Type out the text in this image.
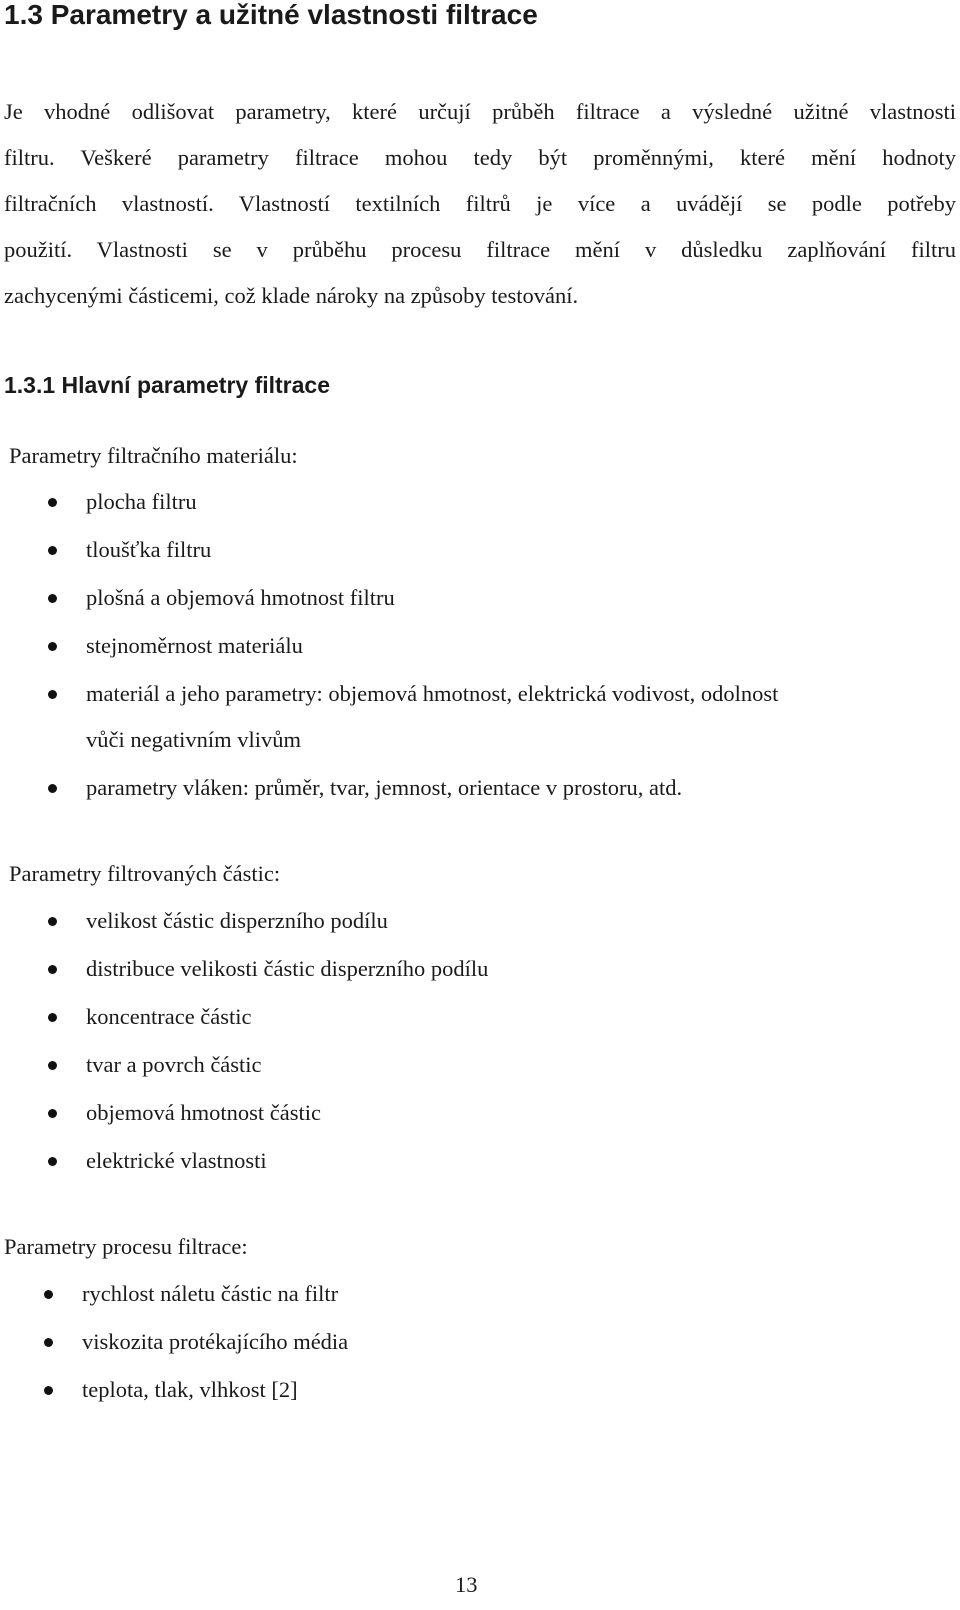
1.3 Parametry a užitné vlastnosti filtrace

Je vhodné odlišovat parametry, které určují průběh filtrace a výsledné užitné vlastnosti
filtru. Veškeré parametry filtrace mohou tedy být proměnnými, které mění hodnoty
filtračních vlastností. Vlastností textilních filtrů je více a uvádějí se podle potřeby
použití. Vlastnosti se v průběhu procesu filtrace mění v důsledku zaplňování filtru
zachycenými částicemi, což klade nároky na způsoby testování.

1.3.1 Hlavní parametry filtrace

Parametry filtračního materiálu:

plocha filtru
tloušťka filtru
plošná a objemová hmotnost filtru
stejnoměrnost materiálu
materiál a jeho parametry: objemová hmotnost, elektrická vodivost, odolnost
vůči negativním vlivům
parametry vláken: průměr, tvar, jemnost, orientace v prostoru, atd.

Parametry filtrovaných částic:

velikost částic disperzního podílu
distribuce velikosti částic disperzního podílu
koncentrace částic
tvar a povrch částic
objemová hmotnost částic
elektrické vlastnosti

Parametry procesu filtrace:

rychlost náletu částic na filtr
viskozita protékajícího média
teplota, tlak, vlhkost [2]
13
